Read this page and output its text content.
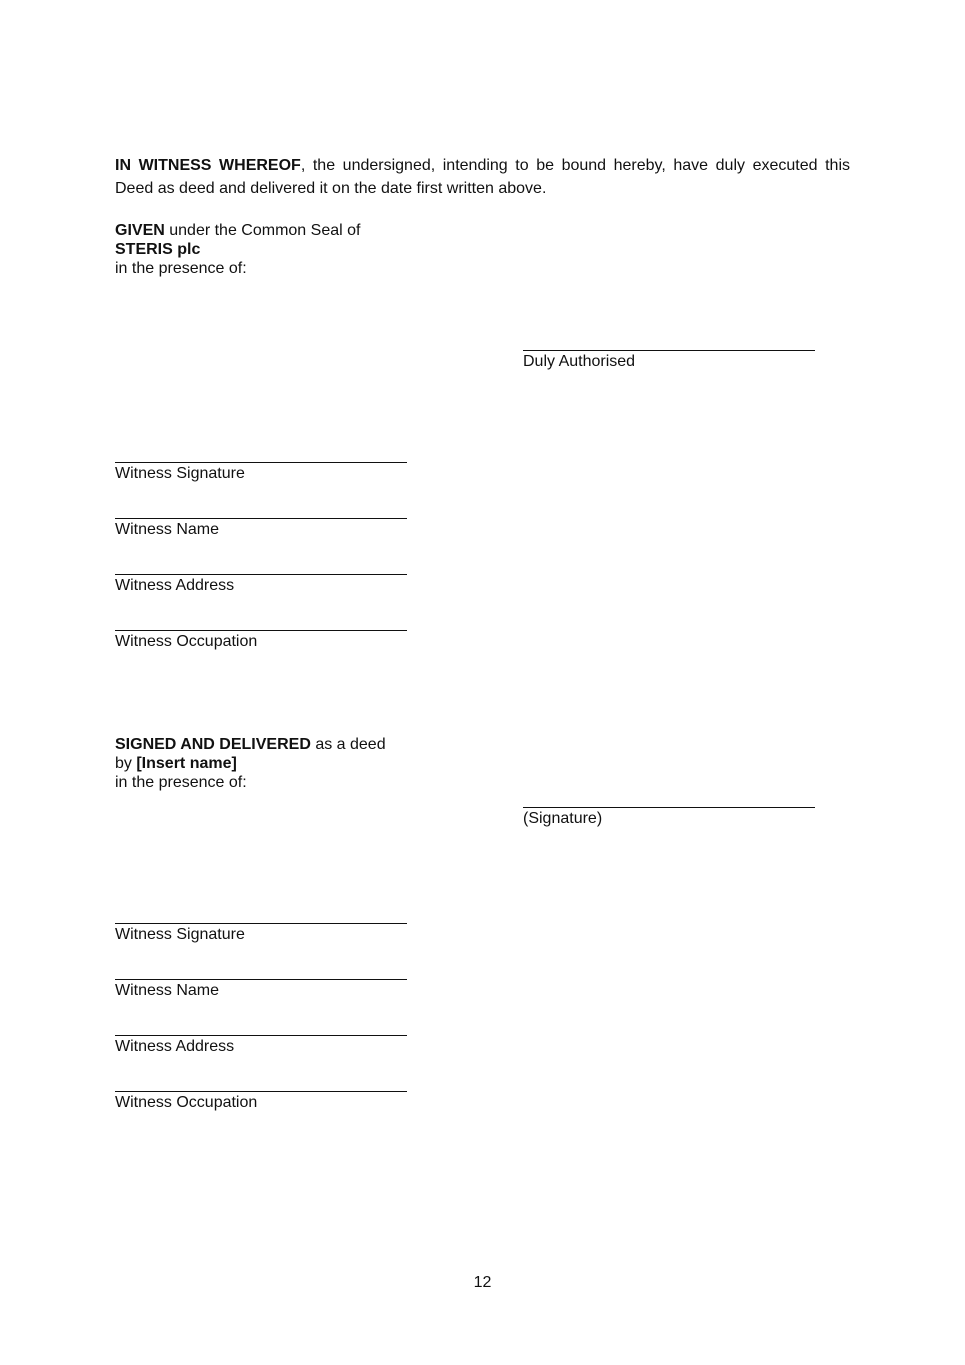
IN WITNESS WHEREOF, the undersigned, intending to be bound hereby, have duly executed this Deed as deed and delivered it on the date first written above.
GIVEN under the Common Seal of
STERIS plc
in the presence of:
Duly Authorised
Witness Signature
Witness Name
Witness Address
Witness Occupation
SIGNED AND DELIVERED as a deed
by [Insert name]
in the presence of:
(Signature)
Witness Signature
Witness Name
Witness Address
Witness Occupation
12
